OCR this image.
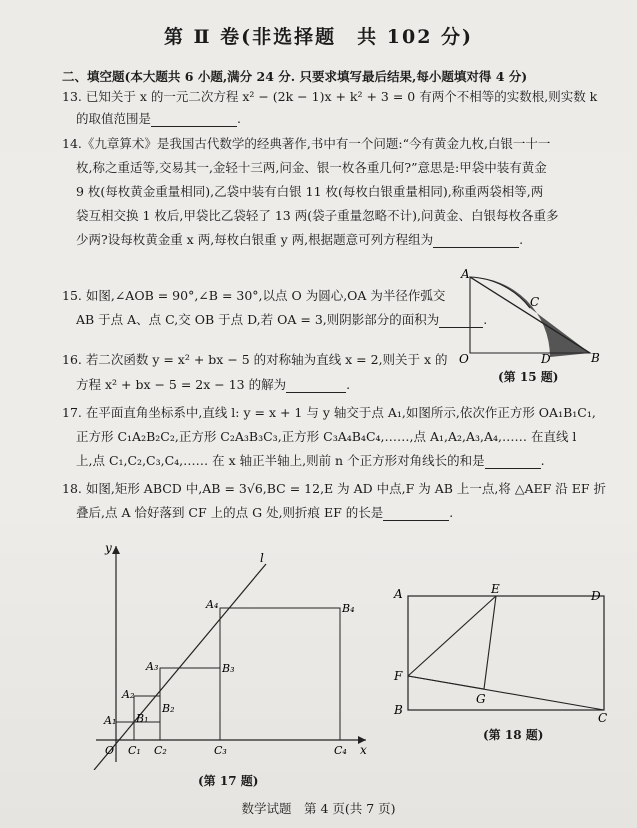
第 Ⅱ 卷(非选择题　共 102 分)
二、填空题(本大题共 6 小题,满分 24 分. 只要求填写最后结果,每小题填对得 4 分)
13. 已知关于 x 的一元二次方程 x² − (2k − 1)x + k² + 3 = 0 有两个不相等的实数根,则实数 k
的取值范围是	.
14.《九章算术》是我国古代数学的经典著作,书中有一个问题:“今有黄金九枚,白银一十一
枚,称之重适等,交易其一,金轻十三两,问金、银一枚各重几何?”意思是:甲袋中装有黄金
9 枚(每枚黄金重量相同),乙袋中装有白银 11 枚(每枚白银重量相同),称重两袋相等,两
袋互相交换 1 枚后,甲袋比乙袋轻了 13 两(袋子重量忽略不计),问黄金、白银每枚各重多
少两?设每枚黄金重 x 两,每枚白银重 y 两,根据题意可列方程组为	.
15. 如图,∠AOB = 90°,∠B = 30°,以点 O 为圆心,OA 为半径作弧交
AB 于点 A、点 C,交 OB 于点 D,若 OA = 3,则阴影部分的面积为	.
A
C
O	D	B
(第 15 题)
16. 若二次函数 y = x² + bx − 5 的对称轴为直线 x = 2,则关于 x 的
方程 x² + bx − 5 = 2x − 13 的解为	.
17. 在平面直角坐标系中,直线 l: y = x + 1 与 y 轴交于点 A₁,如图所示,依次作正方形 OA₁B₁C₁,
正方形 C₁A₂B₂C₂,正方形 C₂A₃B₃C₃,正方形 C₃A₄B₄C₄,……,点 A₁,A₂,A₃,A₄,…… 在直线 l
上,点 C₁,C₂,C₃,C₄,…… 在 x 轴正半轴上,则前 n 个正方形对角线长的和是	.
18. 如图,矩形 ABCD 中,AB = 3√6,BC = 12,E 为 AD 中点,F 为 AB 上一点,将 △AEF 沿 EF 折
叠后,点 A 恰好落到 CF 上的点 G 处,则折痕 EF 的长是	.
y
l
x
O
A₁
A₂
A₃
A₄
B₁
B₂
B₃
B₄
C₁ C₂	C₃	C₄
(第 17 题)
A	E	D
F
G
B
C
(第 18 题)
数学试题　第 4 页(共 7 页)
